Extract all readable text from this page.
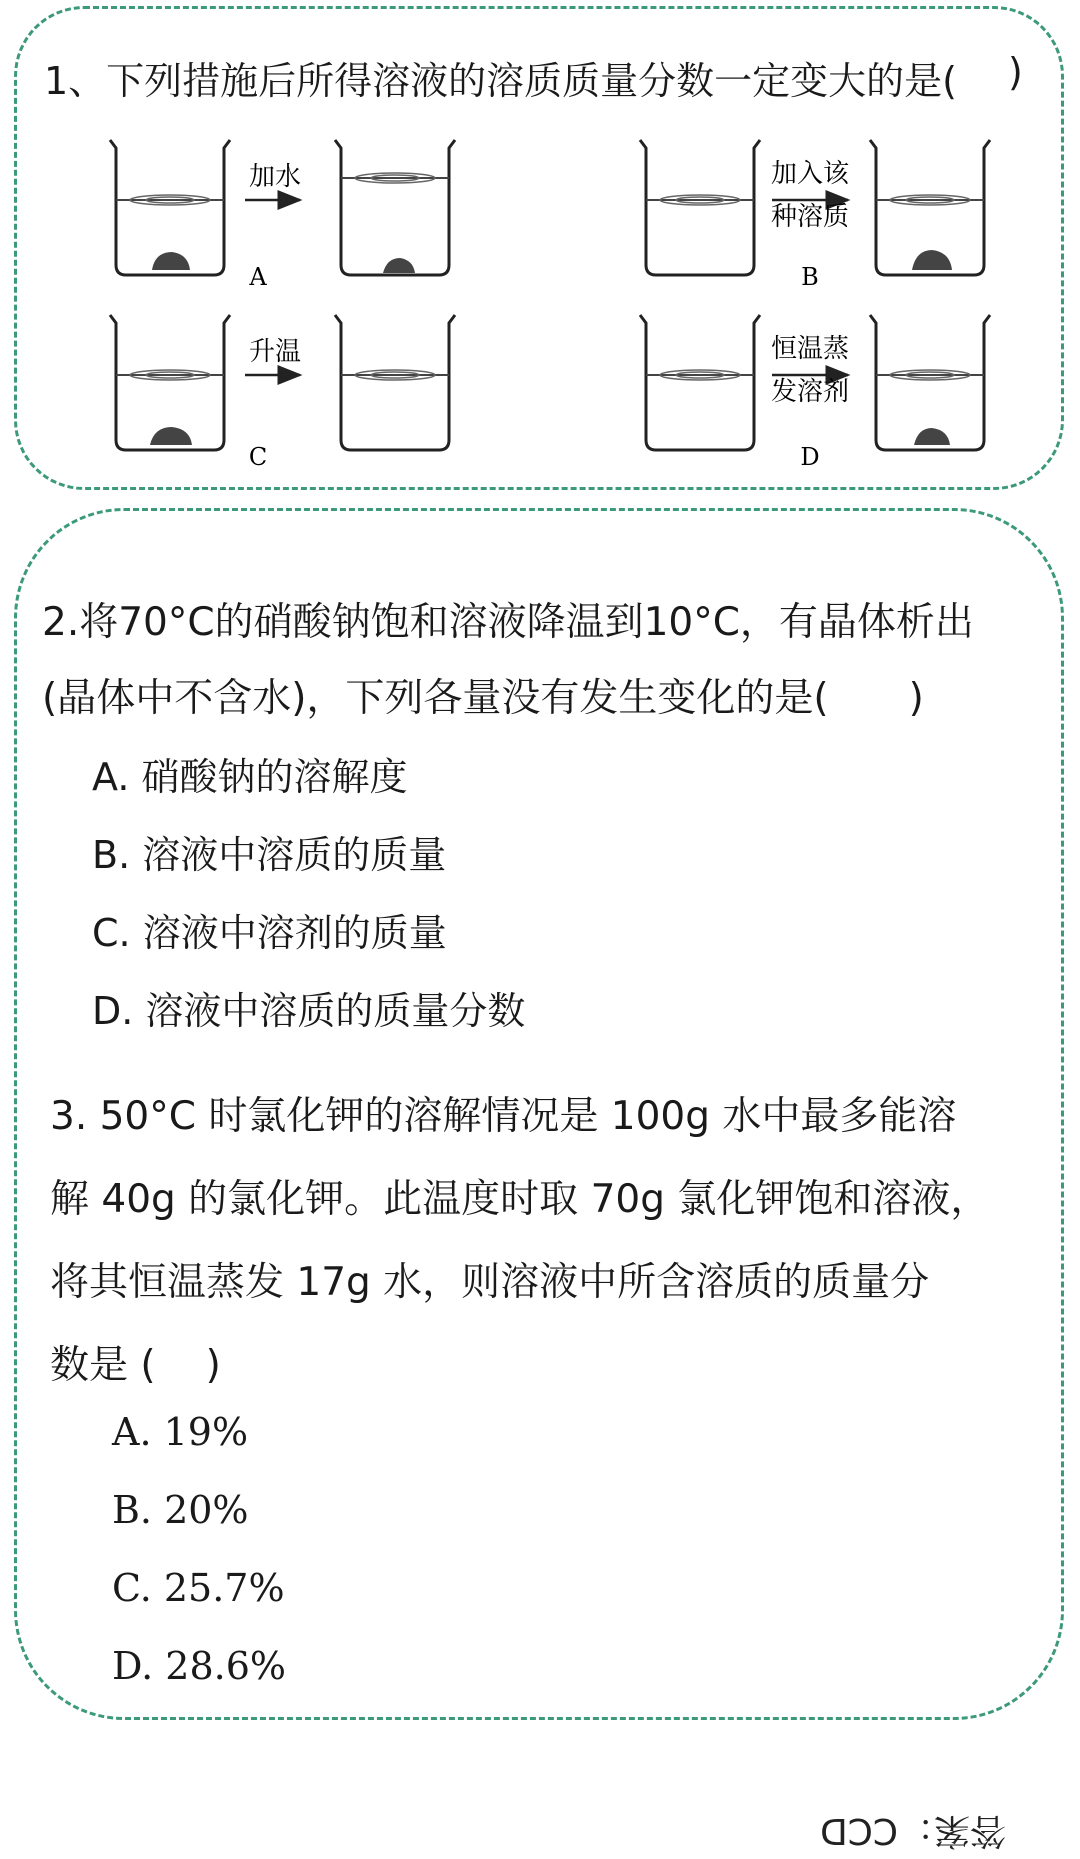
1、下列措施后所得溶液的溶质质量分数一定变大的是( )
加水
A
加入该
种溶质
B
升温
C
恒温蒸
发溶剂
D
2.将70°C的硝酸钠饱和溶液降温到10°C，有晶体析出
(晶体中不含水)，下列各量没有发生变化的是( )
A. 硝酸钠的溶解度
B. 溶液中溶质的质量
C. 溶液中溶剂的质量
D. 溶液中溶质的质量分数
3. 50°C 时氯化钾的溶解情况是 100g 水中最多能溶
解 40g 的氯化钾。此温度时取 70g 氯化钾饱和溶液，
将其恒温蒸发 17g 水，则溶液中所含溶质的质量分
数是 ( )
A. 19%
B. 20%
C. 25.7%
D. 28.6%
答案：CCD
